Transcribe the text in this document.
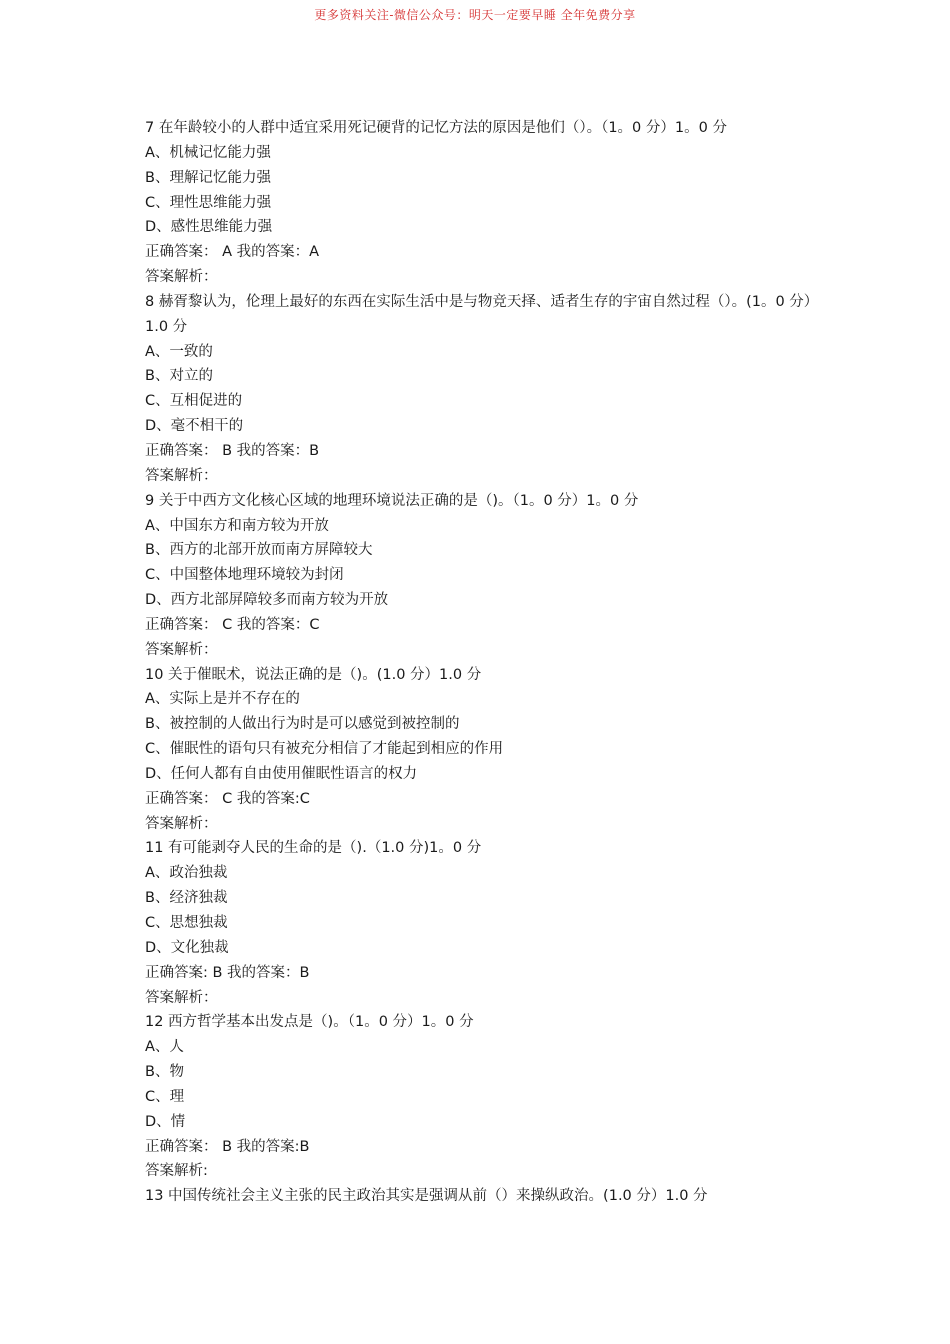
更多资料关注-微信公众号：明天一定要早睡 全年免费分享
7 在年龄较小的人群中适宜采用死记硬背的记忆方法的原因是他们（）。（1。0 分）1。0 分
A、机械记忆能力强
B、理解记忆能力强
C、理性思维能力强
D、感性思维能力强
正确答案： A 我的答案：A
答案解析：
8 赫胥黎认为，伦理上最好的东西在实际生活中是与物竞天择、适者生存的宇宙自然过程（）。(1。0 分）1.0 分
A、一致的
B、对立的
C、互相促进的
D、毫不相干的
正确答案： B 我的答案：B
答案解析：
9 关于中西方文化核心区域的地理环境说法正确的是（)。（1。0 分）1。0 分
A、中国东方和南方较为开放
B、西方的北部开放而南方屏障较大
C、中国整体地理环境较为封闭
D、西方北部屏障较多而南方较为开放
正确答案： C 我的答案：C
答案解析：
10 关于催眠术，说法正确的是（)。(1.0 分）1.0 分
A、实际上是并不存在的
B、被控制的人做出行为时是可以感觉到被控制的
C、催眠性的语句只有被充分相信了才能起到相应的作用
D、任何人都有自由使用催眠性语言的权力
正确答案： C 我的答案:C
答案解析：
11 有可能剥夺人民的生命的是（).（1.0 分)1。0 分
A、政治独裁
B、经济独裁
C、思想独裁
D、文化独裁
正确答案: B 我的答案：B
答案解析：
12 西方哲学基本出发点是（)。（1。0 分）1。0 分
A、人
B、物
C、理
D、情
正确答案： B 我的答案:B
答案解析:
13 中国传统社会主义主张的民主政治其实是强调从前（）来操纵政治。(1.0 分）1.0 分
